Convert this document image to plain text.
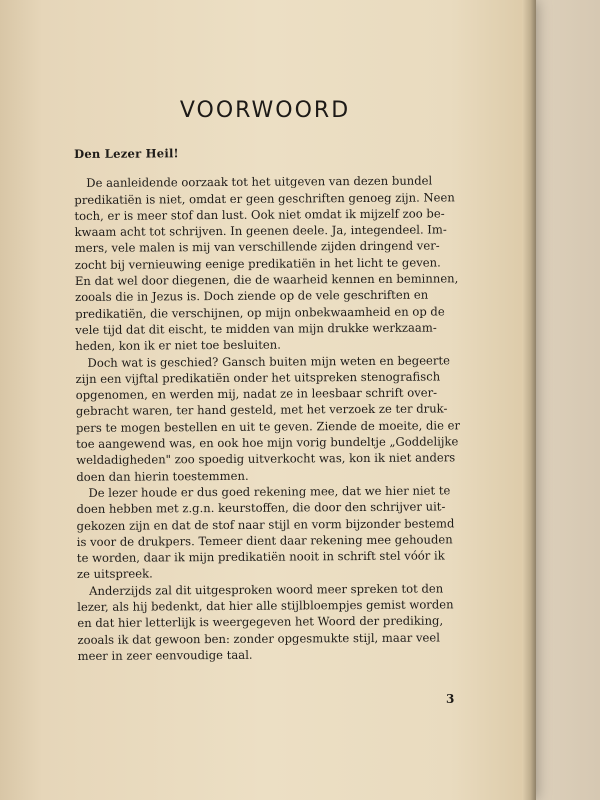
VOORWOORD
Den Lezer Heil!
De aanleidende oorzaak tot het uitgeven van dezen bundel
predikatiën is niet, omdat er geen geschriften genoeg zijn. Neen
toch, er is meer stof dan lust. Ook niet omdat ik mijzelf zoo be-
kwaam acht tot schrijven. In geenen deele. Ja, integendeel. Im-
mers, vele malen is mij van verschillende zijden dringend ver-
zocht bij vernieuwing eenige predikatiën in het licht te geven.
En dat wel door diegenen, die de waarheid kennen en beminnen,
zooals die in Jezus is. Doch ziende op de vele geschriften en
predikatiën, die verschijnen, op mijn onbekwaamheid en op de
vele tijd dat dit eischt, te midden van mijn drukke werkzaam-
heden, kon ik er niet toe besluiten.
Doch wat is geschied? Gansch buiten mijn weten en begeerte
zijn een vijftal predikatiën onder het uitspreken stenografisch
opgenomen, en werden mij, nadat ze in leesbaar schrift over-
gebracht waren, ter hand gesteld, met het verzoek ze ter druk-
pers te mogen bestellen en uit te geven. Ziende de moeite, die er
toe aangewend was, en ook hoe mijn vorig bundeltje „Goddelijke
weldadigheden" zoo spoedig uitverkocht was, kon ik niet anders
doen dan hierin toestemmen.
De lezer houde er dus goed rekening mee, dat we hier niet te
doen hebben met z.g.n. keurstoffen, die door den schrijver uit-
gekozen zijn en dat de stof naar stijl en vorm bijzonder bestemd
is voor de drukpers. Temeer dient daar rekening mee gehouden
te worden, daar ik mijn predikatiën nooit in schrift stel vóór ik
ze uitspreek.
Anderzijds zal dit uitgesproken woord meer spreken tot den
lezer, als hij bedenkt, dat hier alle stijlbloempjes gemist worden
en dat hier letterlijk is weergegeven het Woord der prediking,
zooals ik dat gewoon ben: zonder opgesmukte stijl, maar veel
meer in zeer eenvoudige taal.
3
